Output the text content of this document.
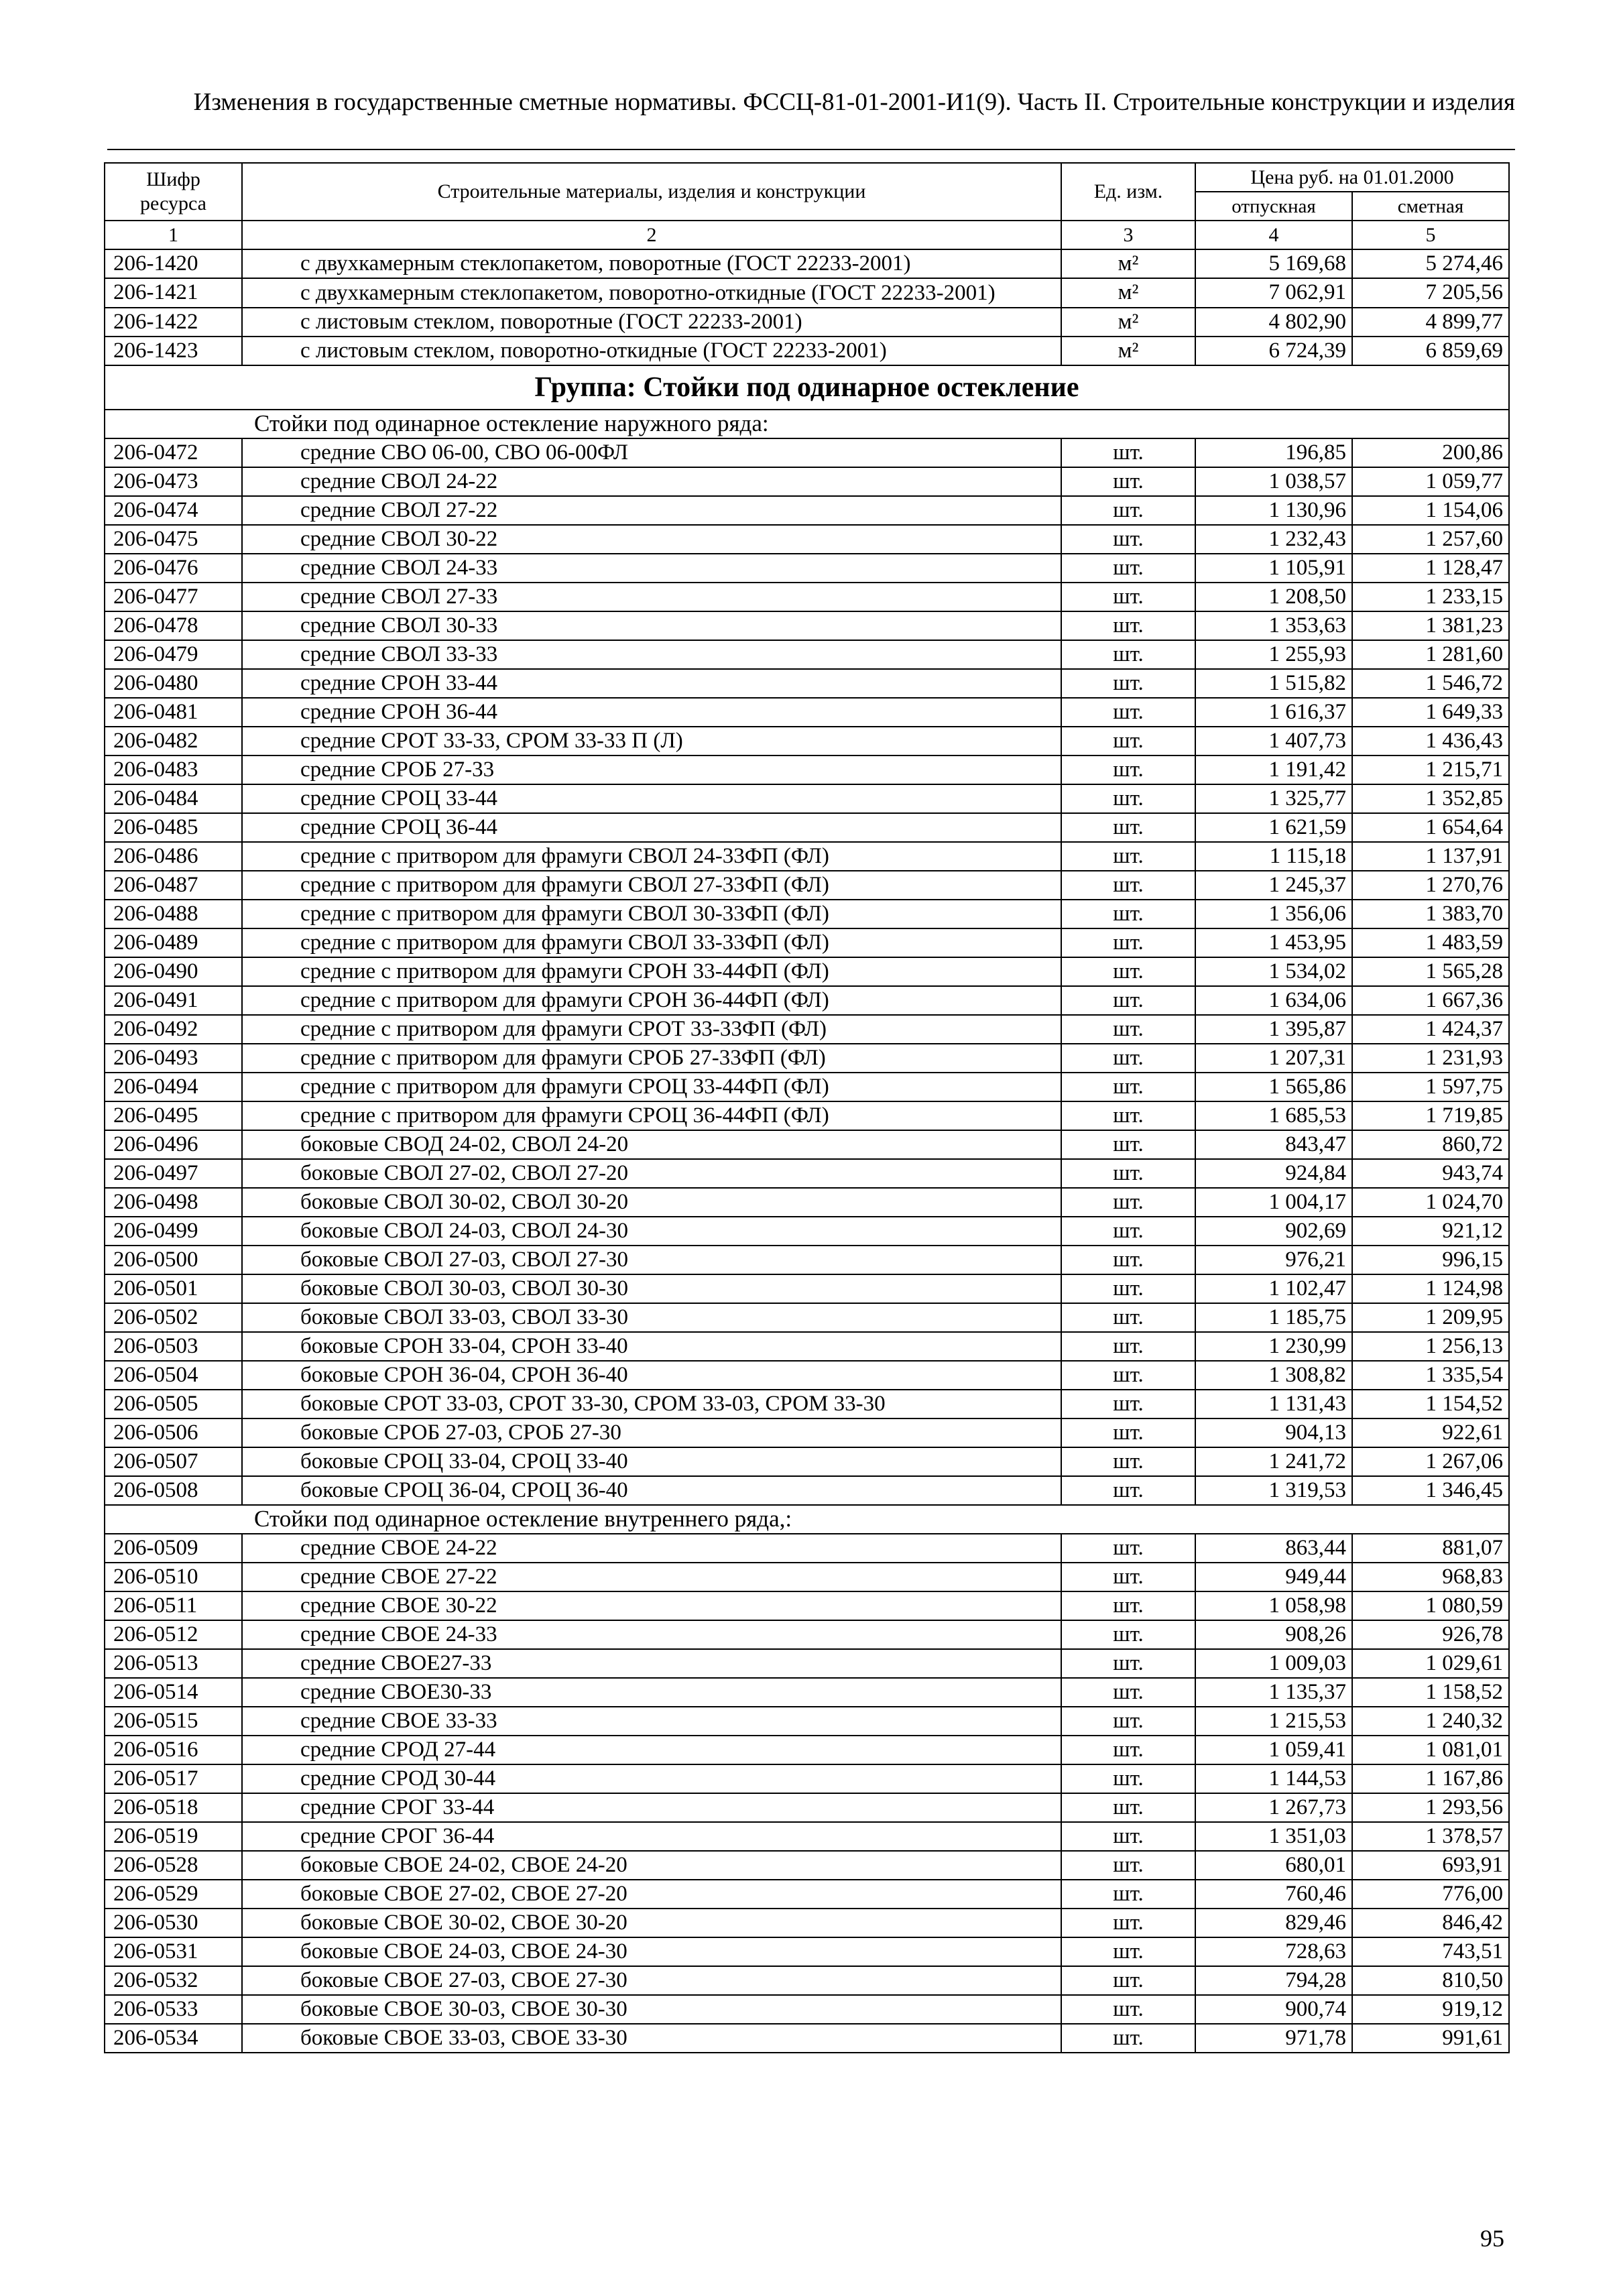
Изменения в государственные сметные нормативы. ФССЦ-81-01-2001-И1(9). Часть II. Строительные конструкции и изделия
Шифр ресурса	Строительные материалы, изделия и конструкции	Ед. изм.	Цена руб. на 01.01.2000	
			отпускная	сметная
1	2	3	4	5
206-1420	с двухкамерным стеклопакетом, поворотные (ГОСТ 22233-2001)	м²	5 169,68	5 274,46
206-1421	с двухкамерным стеклопакетом, поворотно-откидные (ГОСТ 22233-2001)	м²	7 062,91	7 205,56
206-1422	с листовым стеклом, поворотные (ГОСТ 22233-2001)	м²	4 802,90	4 899,77
206-1423	с листовым стеклом, поворотно-откидные (ГОСТ 22233-2001)	м²	6 724,39	6 859,69
Группа: Стойки под одинарное остекление				
Стойки под одинарное остекление наружного ряда:				
206-0472	средние СВО 06-00, СВО 06-00ФЛ	шт.	196,85	200,86
206-0473	средние СВОЛ 24-22	шт.	1 038,57	1 059,77
206-0474	средние СВОЛ 27-22	шт.	1 130,96	1 154,06
206-0475	средние СВОЛ 30-22	шт.	1 232,43	1 257,60
206-0476	средние СВОЛ 24-33	шт.	1 105,91	1 128,47
206-0477	средние СВОЛ 27-33	шт.	1 208,50	1 233,15
206-0478	средние СВОЛ 30-33	шт.	1 353,63	1 381,23
206-0479	средние СВОЛ 33-33	шт.	1 255,93	1 281,60
206-0480	средние СРОН 33-44	шт.	1 515,82	1 546,72
206-0481	средние СРОН 36-44	шт.	1 616,37	1 649,33
206-0482	средние СРОТ 33-33, СРОМ 33-33 П (Л)	шт.	1 407,73	1 436,43
206-0483	средние СРОБ 27-33	шт.	1 191,42	1 215,71
206-0484	средние СРОЦ 33-44	шт.	1 325,77	1 352,85
206-0485	средние СРОЦ 36-44	шт.	1 621,59	1 654,64
206-0486	средние с притвором для фрамуги СВОЛ 24-33ФП (ФЛ)	шт.	1 115,18	1 137,91
206-0487	средние с притвором для фрамуги СВОЛ 27-33ФП (ФЛ)	шт.	1 245,37	1 270,76
206-0488	средние с притвором для фрамуги СВОЛ 30-33ФП (ФЛ)	шт.	1 356,06	1 383,70
206-0489	средние с притвором для фрамуги СВОЛ 33-33ФП (ФЛ)	шт.	1 453,95	1 483,59
206-0490	средние с притвором для фрамуги СРОН 33-44ФП (ФЛ)	шт.	1 534,02	1 565,28
206-0491	средние с притвором для фрамуги СРОН 36-44ФП (ФЛ)	шт.	1 634,06	1 667,36
206-0492	средние с притвором для фрамуги СРОТ 33-33ФП (ФЛ)	шт.	1 395,87	1 424,37
206-0493	средние с притвором для фрамуги СРОБ 27-33ФП (ФЛ)	шт.	1 207,31	1 231,93
206-0494	средние с притвором для фрамуги СРОЦ 33-44ФП (ФЛ)	шт.	1 565,86	1 597,75
206-0495	средние с притвором для фрамуги СРОЦ 36-44ФП (ФЛ)	шт.	1 685,53	1 719,85
206-0496	боковые СВОД 24-02, СВОЛ 24-20	шт.	843,47	860,72
206-0497	боковые СВОЛ 27-02, СВОЛ 27-20	шт.	924,84	943,74
206-0498	боковые СВОЛ 30-02, СВОЛ 30-20	шт.	1 004,17	1 024,70
206-0499	боковые СВОЛ 24-03, СВОЛ 24-30	шт.	902,69	921,12
206-0500	боковые СВОЛ 27-03, СВОЛ 27-30	шт.	976,21	996,15
206-0501	боковые СВОЛ 30-03, СВОЛ 30-30	шт.	1 102,47	1 124,98
206-0502	боковые СВОЛ 33-03, СВОЛ 33-30	шт.	1 185,75	1 209,95
206-0503	боковые СРОН 33-04, СРОН 33-40	шт.	1 230,99	1 256,13
206-0504	боковые СРОН 36-04, СРОН 36-40	шт.	1 308,82	1 335,54
206-0505	боковые СРОТ 33-03, СРОТ 33-30, СРОМ 33-03, СРОМ 33-30	шт.	1 131,43	1 154,52
206-0506	боковые СРОБ 27-03, СРОБ 27-30	шт.	904,13	922,61
206-0507	боковые СРОЦ 33-04, СРОЦ 33-40	шт.	1 241,72	1 267,06
206-0508	боковые СРОЦ 36-04, СРОЦ 36-40	шт.	1 319,53	1 346,45
Стойки под одинарное остекление внутреннего ряда,:				
206-0509	средние СВОЕ 24-22	шт.	863,44	881,07
206-0510	средние СВОЕ 27-22	шт.	949,44	968,83
206-0511	средние СВОЕ 30-22	шт.	1 058,98	1 080,59
206-0512	средние СВОЕ 24-33	шт.	908,26	926,78
206-0513	средние СВОЕ27-33	шт.	1 009,03	1 029,61
206-0514	средние СВОЕ30-33	шт.	1 135,37	1 158,52
206-0515	средние СВОЕ 33-33	шт.	1 215,53	1 240,32
206-0516	средние СРОД 27-44	шт.	1 059,41	1 081,01
206-0517	средние СРОД 30-44	шт.	1 144,53	1 167,86
206-0518	средние СРОГ 33-44	шт.	1 267,73	1 293,56
206-0519	средние СРОГ 36-44	шт.	1 351,03	1 378,57
206-0528	боковые СВОЕ 24-02, СВОЕ 24-20	шт.	680,01	693,91
206-0529	боковые СВОЕ 27-02, СВОЕ 27-20	шт.	760,46	776,00
206-0530	боковые СВОЕ 30-02, СВОЕ 30-20	шт.	829,46	846,42
206-0531	боковые СВОЕ 24-03, СВОЕ 24-30	шт.	728,63	743,51
206-0532	боковые СВОЕ 27-03, СВОЕ 27-30	шт.	794,28	810,50
206-0533	боковые СВОЕ 30-03, СВОЕ 30-30	шт.	900,74	919,12
206-0534	боковые СВОЕ 33-03, СВОЕ 33-30	шт.	971,78	991,61
95
